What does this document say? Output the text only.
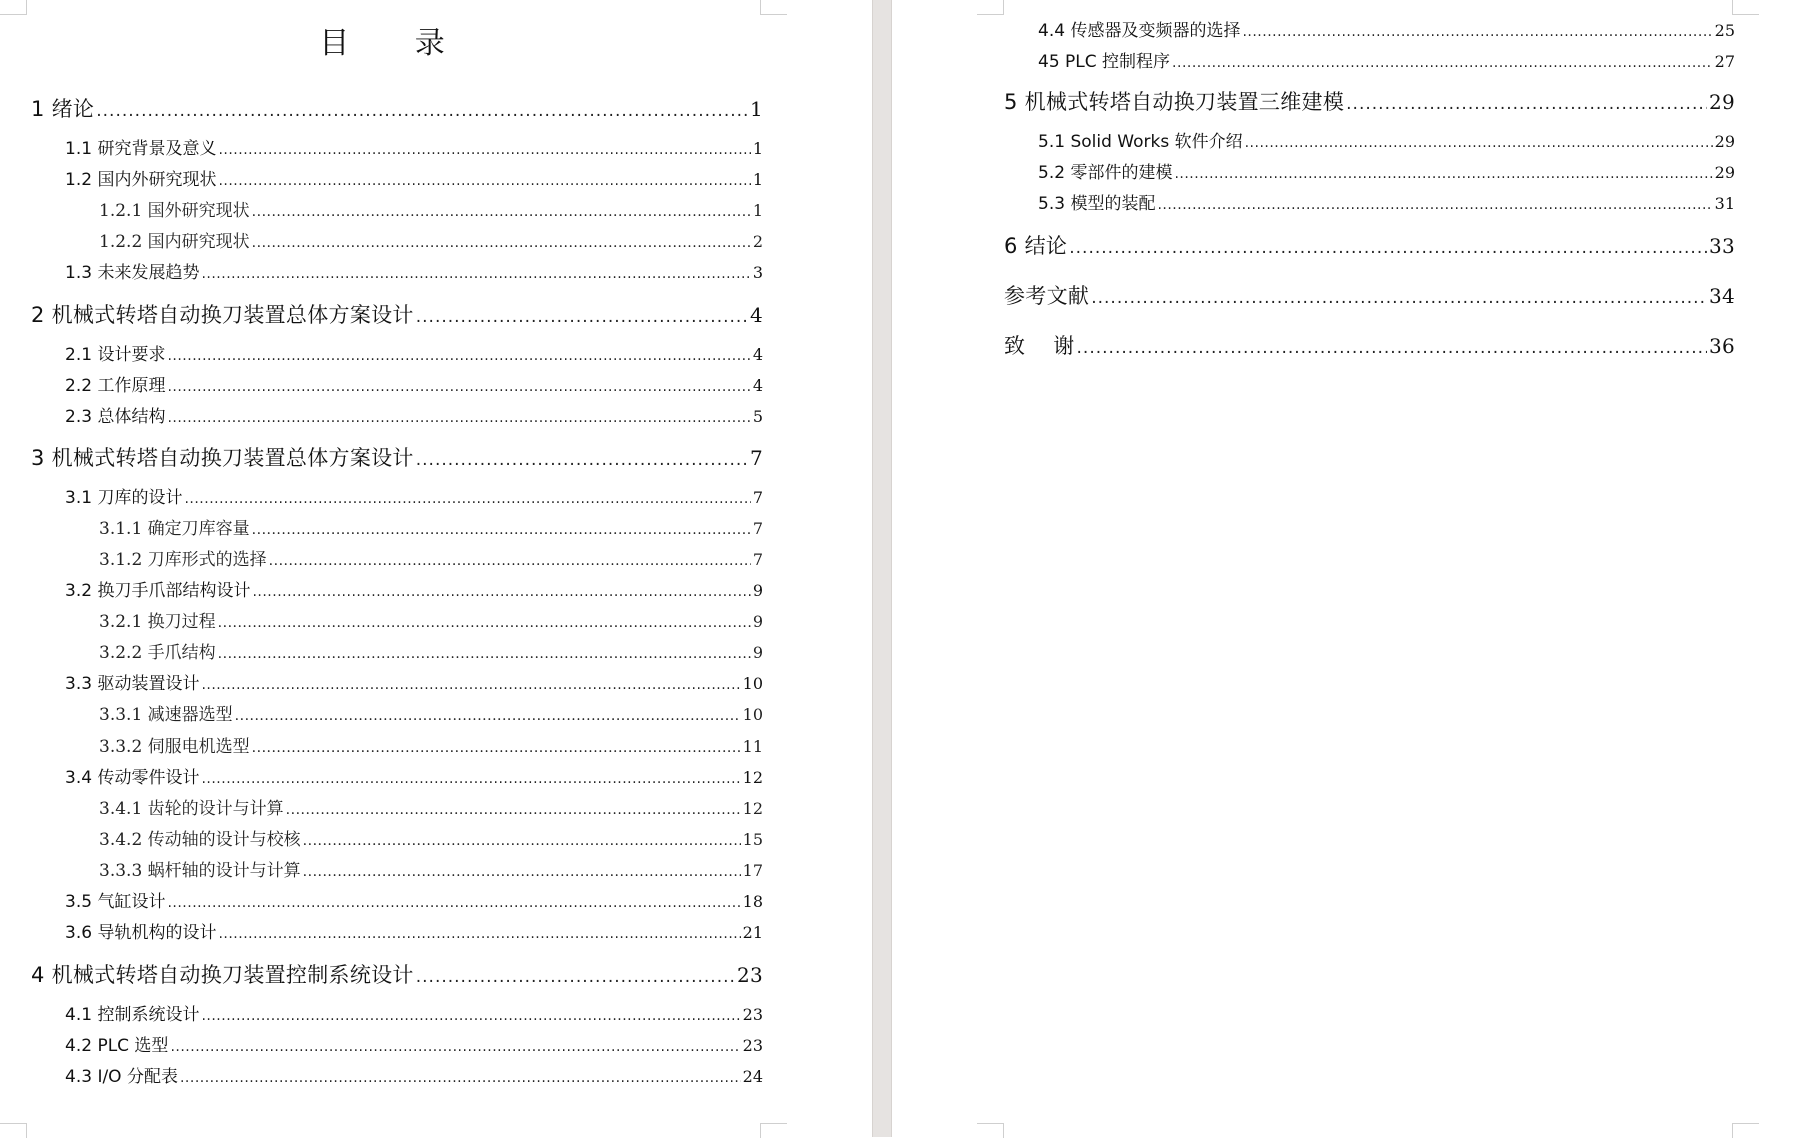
目 录
1 绪论 .....	1
1.1 研究背景及意义 .....	1
1.2 国内外研究现状 .....	1
1.2.1 国外研究现状 .....	1
1.2.2 国内研究现状 .....	2
1.3 未来发展趋势 .....	3
2 机械式转塔自动换刀装置总体方案设计 .....	4
2.1 设计要求 .....	4
2.2 工作原理 .....	4
2.3 总体结构 .....	5
3 机械式转塔自动换刀装置总体方案设计 .....	7
3.1 刀库的设计 .....	7
3.1.1 确定刀库容量 .....	7
3.1.2 刀库形式的选择 .....	7
3.2 换刀手爪部结构设计 .....	9
3.2.1 换刀过程 .....	9
3.2.2 手爪结构 .....	9
3.3 驱动装置设计 .....	10
3.3.1 减速器选型 .....	10
3.3.2 伺服电机选型 .....	11
3.4 传动零件设计 .....	12
3.4.1 齿轮的设计与计算 .....	12
3.4.2 传动轴的设计与校核 .....	15
3.3.3 蜗杆轴的设计与计算 .....	17
3.5 气缸设计 .....	18
3.6 导轨机构的设计 .....	21
4 机械式转塔自动换刀装置控制系统设计 .....	23
4.1 控制系统设计 .....	23
4.2 PLC 选型 .....	23
4.3 I/O 分配表 .....	24
4.4 传感器及变频器的选择 .....	25
45 PLC 控制程序 .....	27
5 机械式转塔自动换刀装置三维建模 .....	29
5.1 Solid Works 软件介绍 .....	29
5.2 零部件的建模 .....	29
5.3 模型的装配 .....	31
6 结论 .....	33
参考文献 .....	34
致    谢 .....	36
